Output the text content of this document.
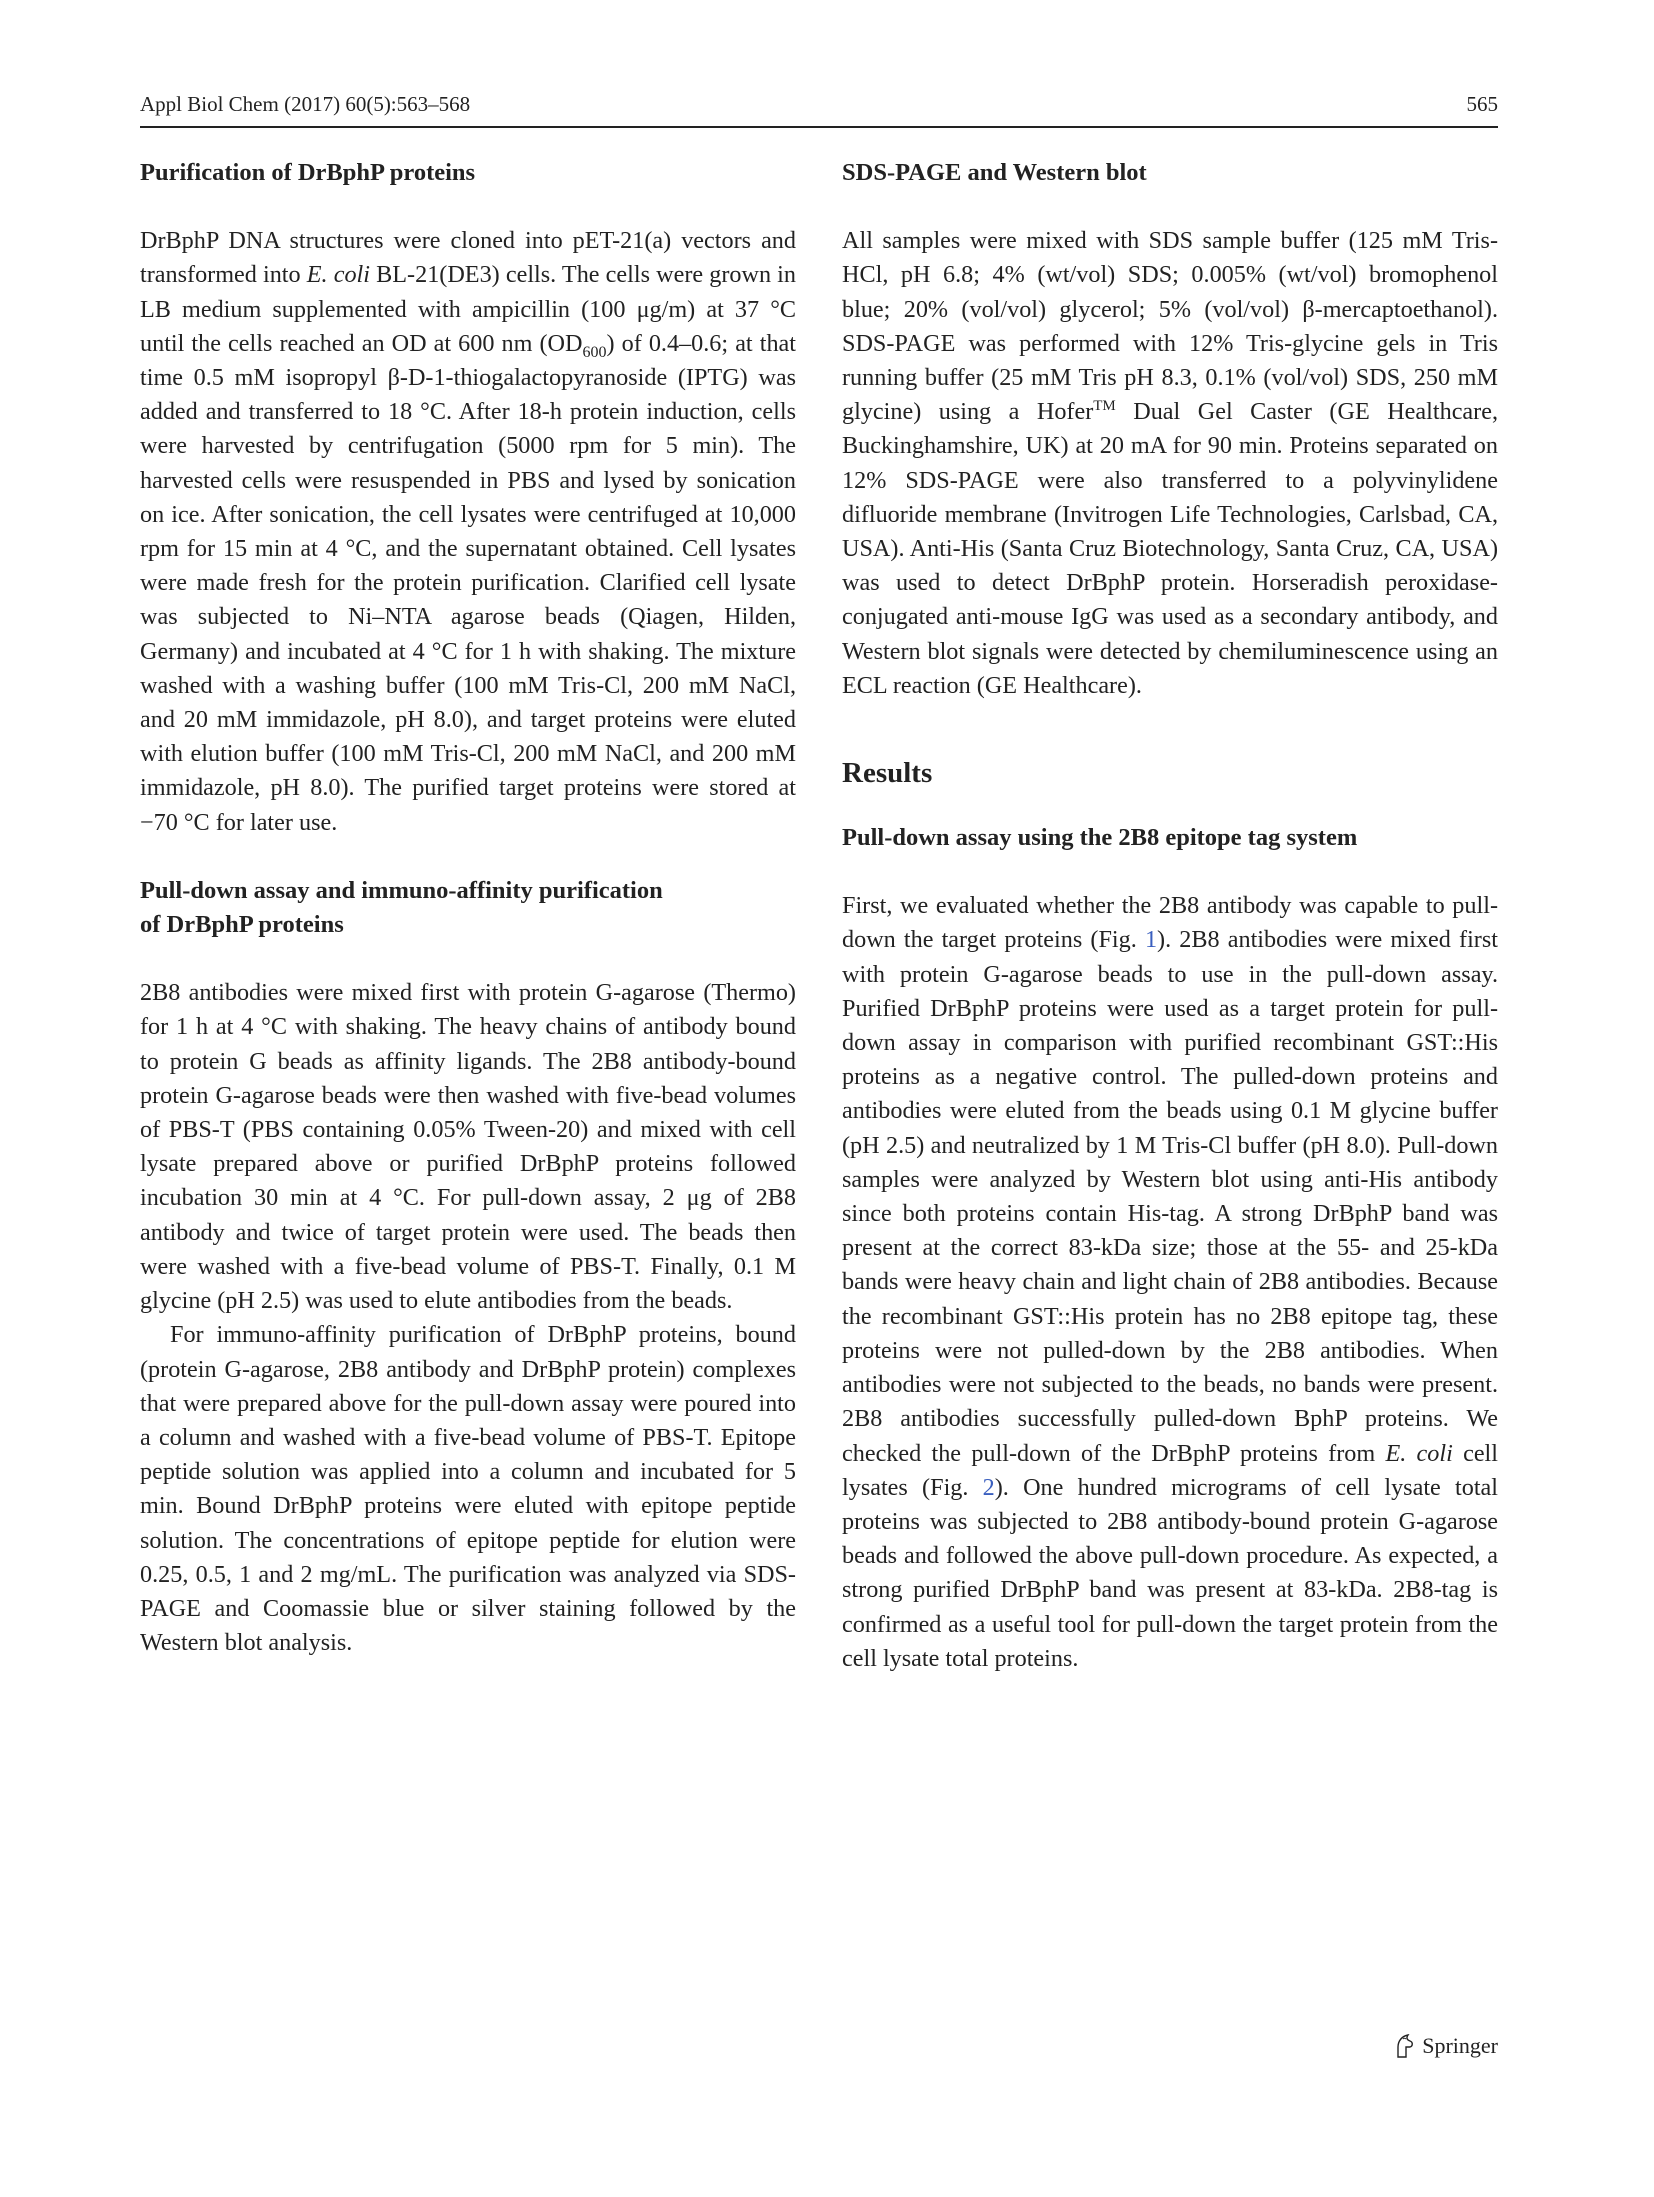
Appl Biol Chem (2017) 60(5):563–568	565
Purification of DrBphP proteins

DrBphP DNA structures were cloned into pET-21(a) vectors and transformed into E. coli BL-21(DE3) cells. The cells were grown in LB medium supplemented with ampicillin (100 μg/m) at 37 °C until the cells reached an OD at 600 nm $(OD_{600})$ of 0.4–0.6; at that time 0.5 mM isopropyl β-D-1-thiogalactopyranoside (IPTG) was added and transferred to 18 °C. After 18-h protein induction, cells were harvested by centrifugation (5000 rpm for 5 min). The harvested cells were resuspended in PBS and lysed by sonication on ice. After sonication, the cell lysates were centrifuged at 10,000 rpm for 15 min at 4 °C, and the supernatant obtained. Cell lysates were made fresh for the protein purification. Clarified cell lysate was subjected to Ni–NTA agarose beads (Qiagen, Hilden, Germany) and incubated at 4 °C for 1 h with shaking. The mixture washed with a washing buffer (100 mM Tris-Cl, 200 mM NaCl, and 20 mM immidazole, pH 8.0), and target proteins were eluted with elution buffer (100 mM Tris-Cl, 200 mM NaCl, and 200 mM immidazole, pH 8.0). The purified target proteins were stored at −70 °C for later use.

Pull-down assay and immuno-affinity purification
of DrBphP proteins

2B8 antibodies were mixed first with protein G-agarose (Thermo) for 1 h at 4 °C with shaking. The heavy chains of antibody bound to protein G beads as affinity ligands. The 2B8 antibody-bound protein G-agarose beads were then washed with five-bead volumes of PBS-T (PBS containing 0.05% Tween-20) and mixed with cell lysate prepared above or purified DrBphP proteins followed incubation 30 min at 4 °C. For pull-down assay, 2 μg of 2B8 antibody and twice of target protein were used. The beads then were washed with a five-bead volume of PBS-T. Finally, 0.1 M glycine (pH 2.5) was used to elute antibodies from the beads.

For immuno-affinity purification of DrBphP proteins, bound (protein G-agarose, 2B8 antibody and DrBphP protein) complexes that were prepared above for the pull-down assay were poured into a column and washed with a five-bead volume of PBS-T. Epitope peptide solution was applied into a column and incubated for 5 min. Bound DrBphP proteins were eluted with epitope peptide solution. The concentrations of epitope peptide for elution were 0.25, 0.5, 1 and 2 mg/mL. The purification was analyzed via SDS-PAGE and Coomassie blue or silver staining followed by the Western blot analysis.

SDS-PAGE and Western blot

All samples were mixed with SDS sample buffer (125 mM Tris-HCl, pH 6.8; 4% (wt/vol) SDS; 0.005% (wt/vol) bromophenol blue; 20% (vol/vol) glycerol; 5% (vol/vol) β-mercaptoethanol). SDS-PAGE was performed with 12% Tris-glycine gels in Tris running buffer (25 mM Tris pH 8.3, 0.1% (vol/vol) SDS, 250 mM glycine) using a Hofer™ Dual Gel Caster (GE Healthcare, Buckinghamshire, UK) at 20 mA for 90 min. Proteins separated on 12% SDS-PAGE were also transferred to a polyvinylidene difluoride membrane (Invitrogen Life Technologies, Carlsbad, CA, USA). Anti-His (Santa Cruz Biotechnology, Santa Cruz, CA, USA) was used to detect DrBphP protein. Horseradish peroxidase-conjugated anti-mouse IgG was used as a secondary antibody, and Western blot signals were detected by chemiluminescence using an ECL reaction (GE Healthcare).

Results
Pull-down assay using the 2B8 epitope tag system

First, we evaluated whether the 2B8 antibody was capable to pull-down the target proteins (Fig. 1). 2B8 antibodies were mixed first with protein G-agarose beads to use in the pull-down assay. Purified DrBphP proteins were used as a target protein for pull-down assay in comparison with purified recombinant GST::His proteins as a negative control. The pulled-down proteins and antibodies were eluted from the beads using 0.1 M glycine buffer (pH 2.5) and neutralized by 1 M Tris-Cl buffer (pH 8.0). Pull-down samples were analyzed by Western blot using anti-His antibody since both proteins contain His-tag. A strong DrBphP band was present at the correct 83-kDa size; those at the 55- and 25-kDa bands were heavy chain and light chain of 2B8 antibodies. Because the recombinant GST::His protein has no 2B8 epitope tag, these proteins were not pulled-down by the 2B8 antibodies. When antibodies were not subjected to the beads, no bands were present. 2B8 antibodies successfully pulled-down BphP proteins. We checked the pull-down of the DrBphP proteins from E. coli cell lysates (Fig. 2). One hundred micrograms of cell lysate total proteins was subjected to 2B8 antibody-bound protein G-agarose beads and followed the above pull-down procedure. As expected, a strong purified DrBphP band was present at 83-kDa. 2B8-tag is confirmed as a useful tool for pull-down the target protein from the cell lysate total proteins.

Springer
